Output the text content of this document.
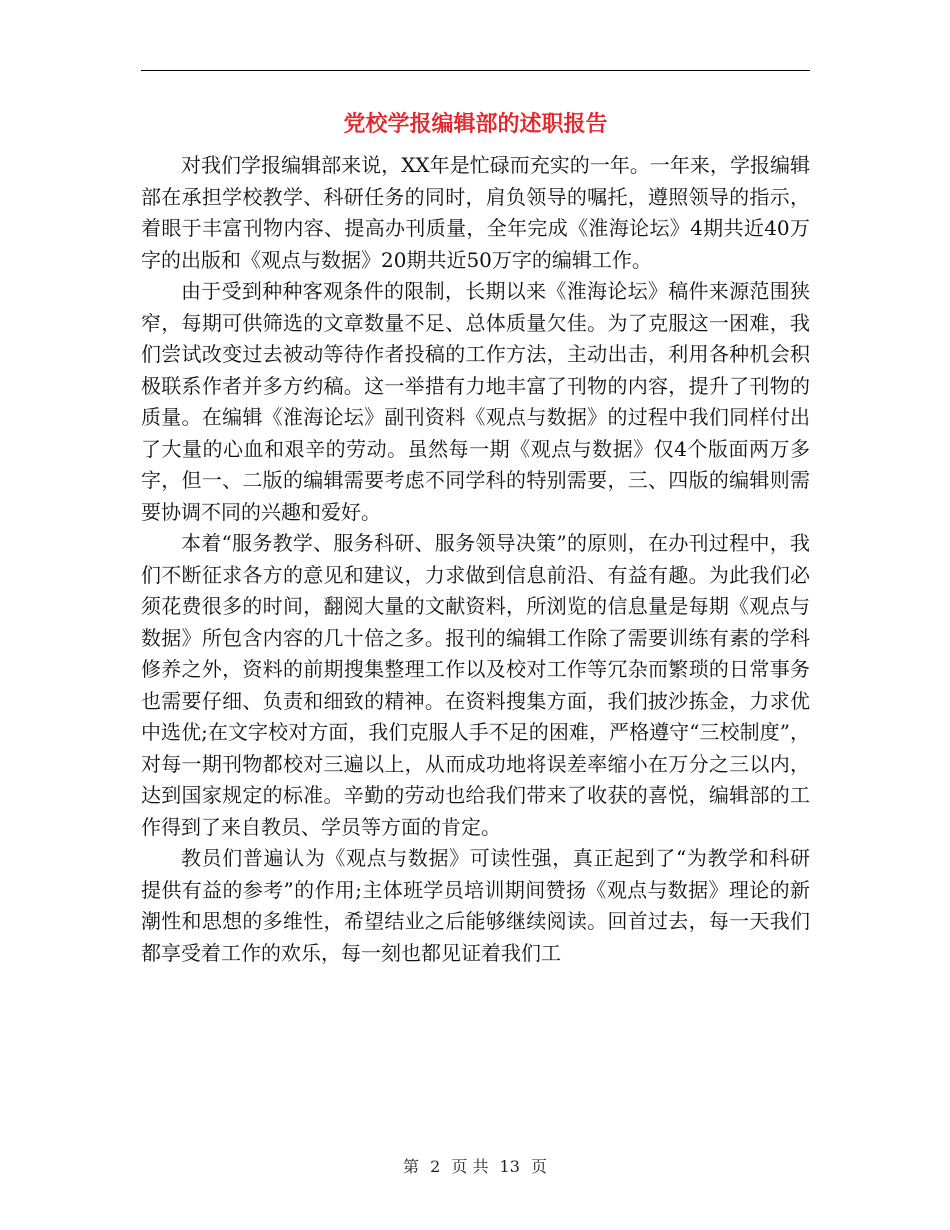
党校学报编辑部的述职报告

对我们学报编辑部来说，XX年是忙碌而充实的一年。一年来，学报编辑部在承担学校教学、科研任务的同时，肩负领导的嘱托，遵照领导的指示，着眼于丰富刊物内容、提高办刊质量，全年完成《淮海论坛》4期共近40万字的出版和《观点与数据》20期共近50万字的编辑工作。

由于受到种种客观条件的限制，长期以来《淮海论坛》稿件来源范围狭窄，每期可供筛选的文章数量不足、总体质量欠佳。为了克服这一困难，我们尝试改变过去被动等待作者投稿的工作方法，主动出击，利用各种机会积极联系作者并多方约稿。这一举措有力地丰富了刊物的内容，提升了刊物的质量。在编辑《淮海论坛》副刊资料《观点与数据》的过程中我们同样付出了大量的心血和艰辛的劳动。虽然每一期《观点与数据》仅4个版面两万多字，但一、二版的编辑需要考虑不同学科的特别需要，三、四版的编辑则需要协调不同的兴趣和爱好。

本着“服务教学、服务科研、服务领导决策”的原则，在办刊过程中，我们不断征求各方的意见和建议，力求做到信息前沿、有益有趣。为此我们必须花费很多的时间，翻阅大量的文献资料，所浏览的信息量是每期《观点与数据》所包含内容的几十倍之多。报刊的编辑工作除了需要训练有素的学科修养之外，资料的前期搜集整理工作以及校对工作等冗杂而繁琐的日常事务也需要仔细、负责和细致的精神。在资料搜集方面，我们披沙拣金，力求优中选优;在文字校对方面，我们克服人手不足的困难，严格遵守“三校制度”，对每一期刊物都校对三遍以上，从而成功地将误差率缩小在万分之三以内，达到国家规定的标准。辛勤的劳动也给我们带来了收获的喜悦，编辑部的工作得到了来自教员、学员等方面的肯定。

教员们普遍认为《观点与数据》可读性强，真正起到了“为教学和科研提供有益的参考”的作用;主体班学员培训期间赞扬《观点与数据》理论的新潮性和思想的多维性，希望结业之后能够继续阅读。回首过去，每一天我们都享受着工作的欢乐，每一刻也都见证着我们工

第 2 页 共 13 页
